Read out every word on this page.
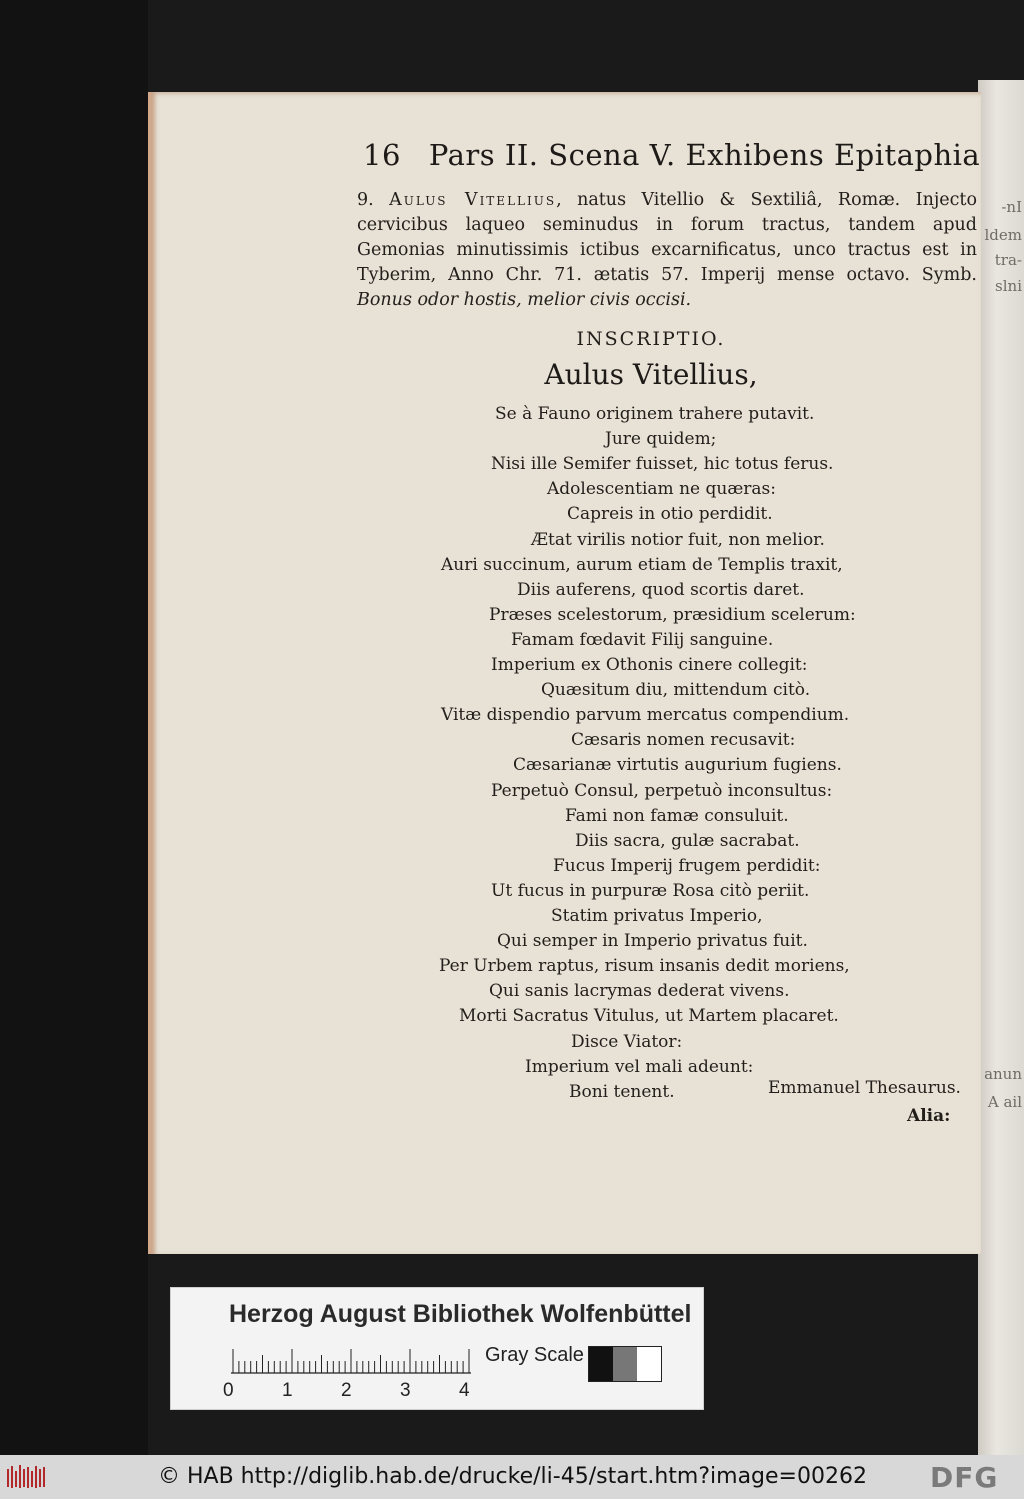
-nI
ldem
tra-
slni
anun
A ail
16 Pars II. Scena V. Exhibens Epitaphia
9. Aulus Vitellius, natus Vitellio & Sextiliâ, Romæ. Injecto cervicibus laqueo seminudus in forum tractus, tandem apud Gemonias minutissimis ictibus excarnificatus, unco tractus est in Tyberim, Anno Chr. 71. ætatis 57. Imperij mense octavo. Symb. Bonus odor hostis, melior civis occisi.
INSCRIPTIO.
Aulus Vitellius,
Se à Fauno originem trahere putavit.
Jure quidem;
Nisi ille Semifer fuisset, hic totus ferus.
Adolescentiam ne quæras:
Capreis in otio perdidit.
Ætat virilis notior fuit, non melior.
Auri succinum, aurum etiam de Templis traxit,
Diis auferens, quod scortis daret.
Præses scelestorum, præsidium scelerum:
Famam fœdavit Filij sanguine.
Imperium ex Othonis cinere collegit:
Quæsitum diu, mittendum citò.
Vitæ dispendio parvum mercatus compendium.
Cæsaris nomen recusavit:
Cæsarianæ virtutis augurium fugiens.
Perpetuò Consul, perpetuò inconsultus:
Fami non famæ consuluit.
Diis sacra, gulæ sacrabat.
Fucus Imperij frugem perdidit:
Ut fucus in purpuræ Rosa citò periit.
Statim privatus Imperio,
Qui semper in Imperio privatus fuit.
Per Urbem raptus, risum insanis dedit moriens,
Qui sanis lacrymas dederat vivens.
Morti Sacratus Vitulus, ut Martem placaret.
Disce Viator:
Imperium vel mali adeunt:
Boni tenent.	Emmanuel Thesaurus.
Alia:
Herzog August Bibliothek Wolfenbüttel
0	1	2	3	4
Gray Scale
© HAB http://diglib.hab.de/drucke/li-45/start.htm?image=00262 DFG
